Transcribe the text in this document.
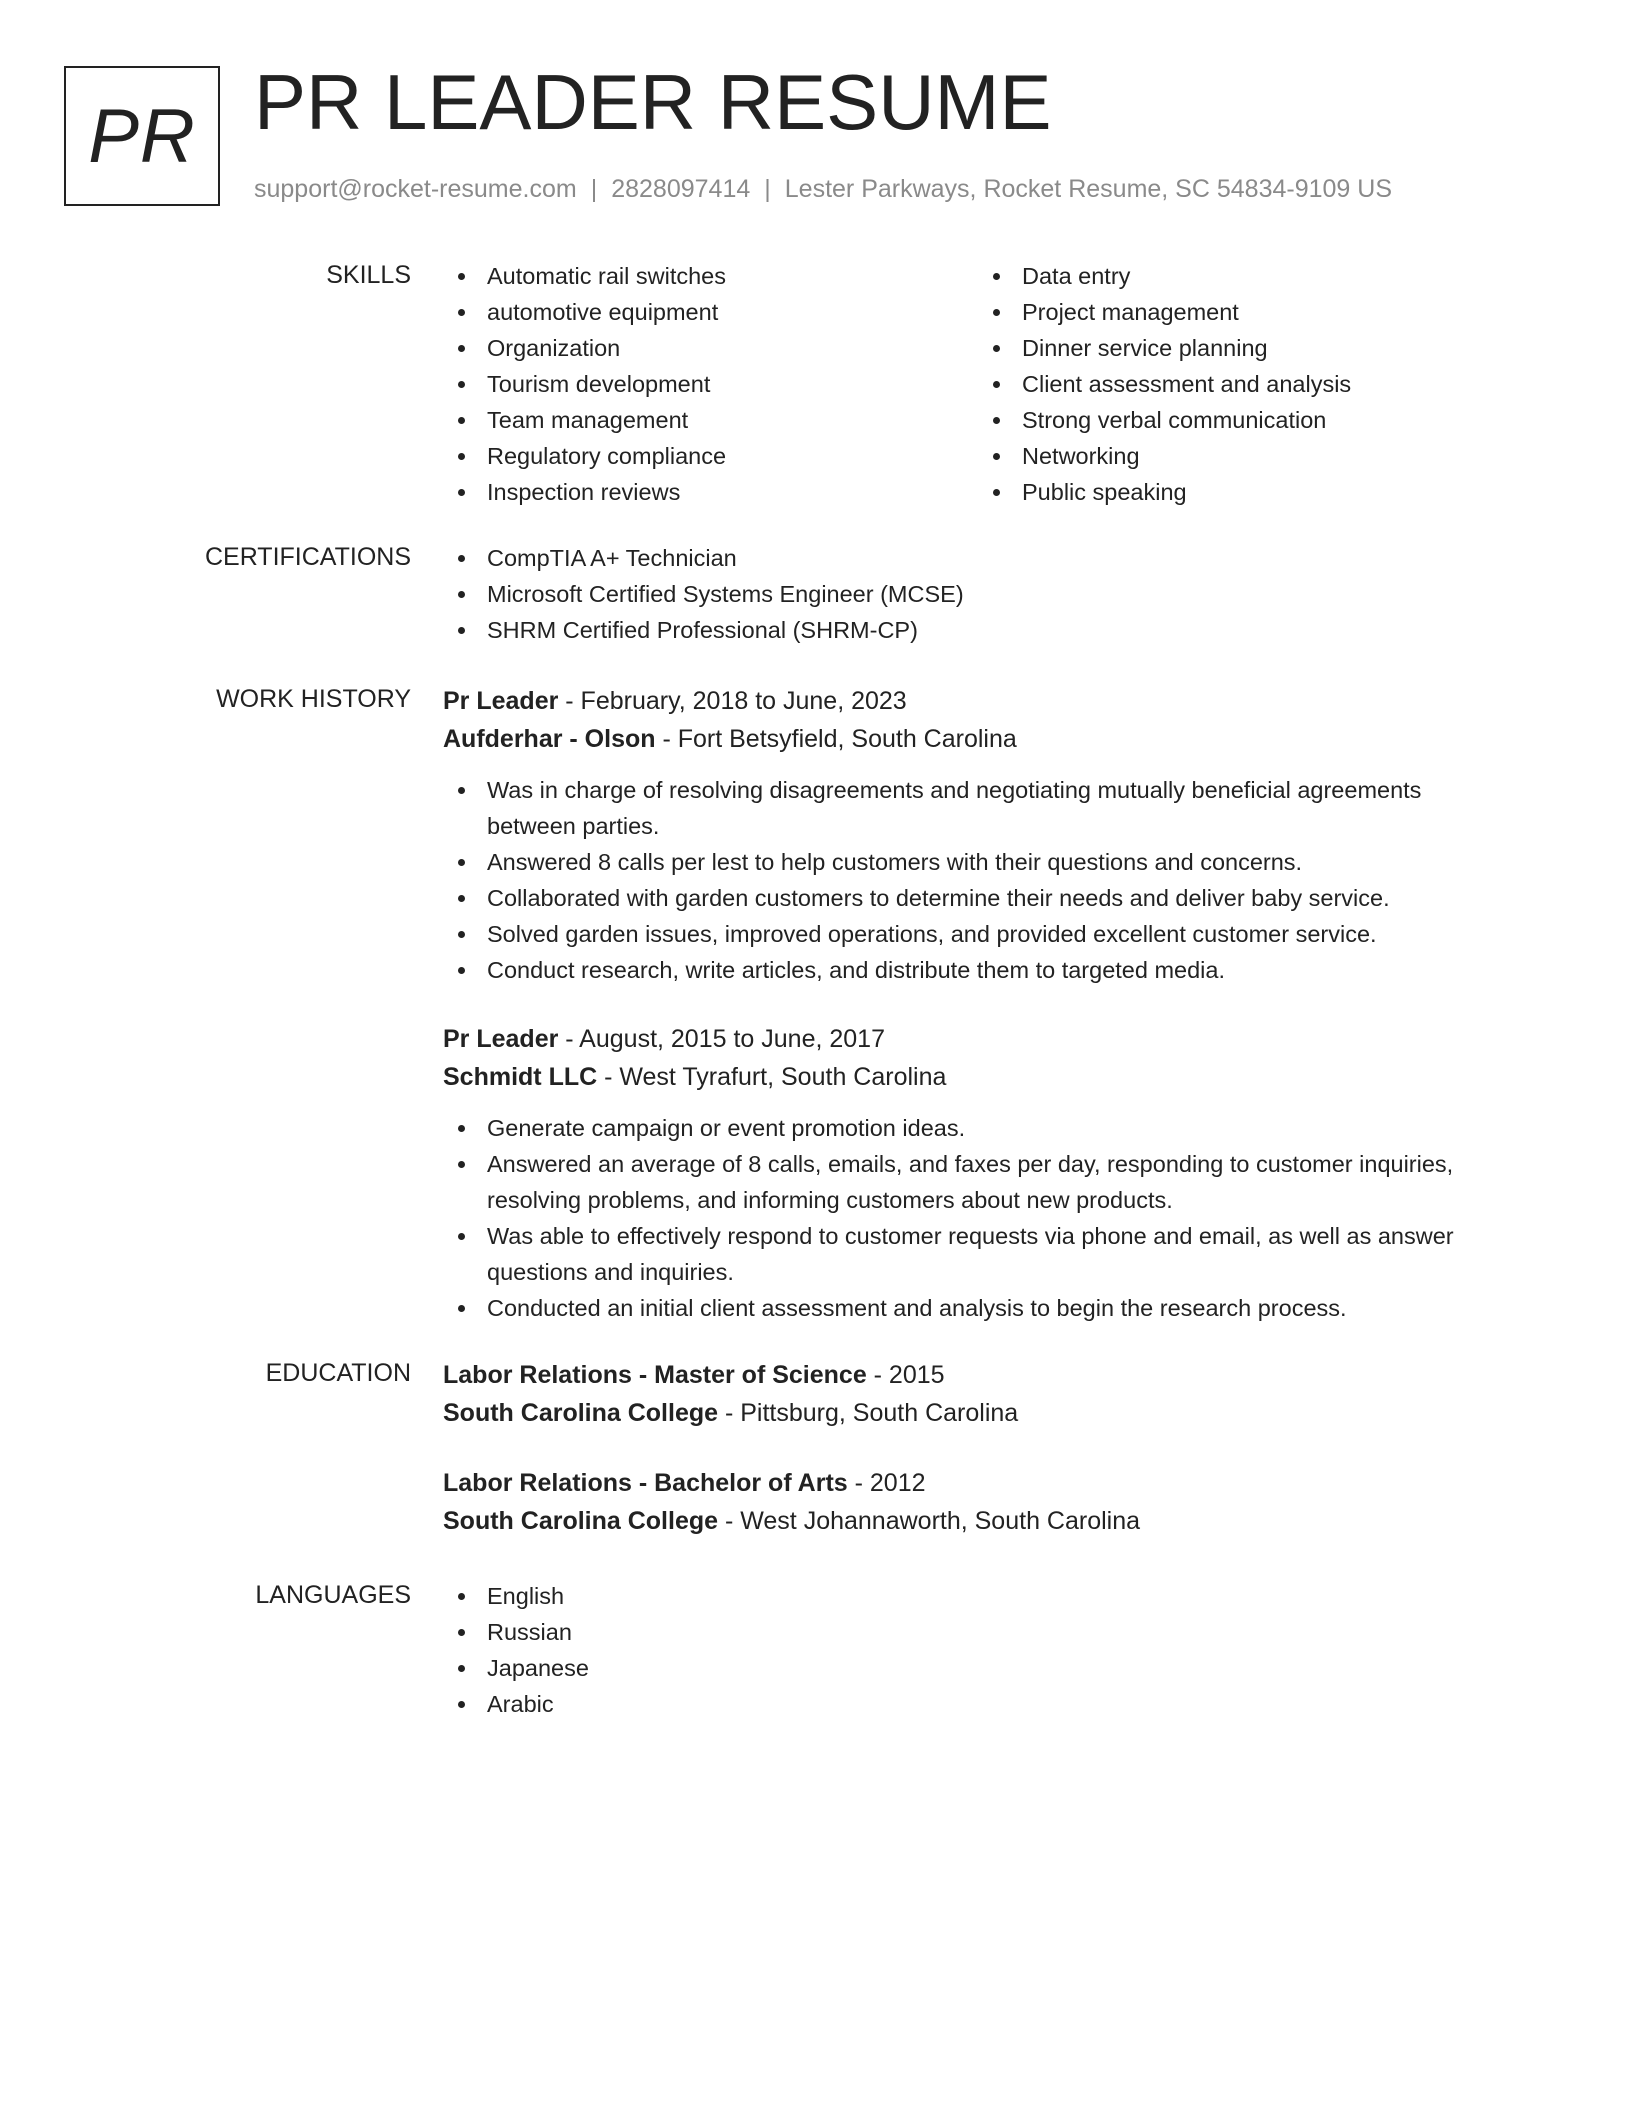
PR PR LEADER RESUME
support@rocket-resume.com | 2828097414 | Lester Parkways, Rocket Resume, SC 54834-9109 US
SKILLS	Automatic rail switches
automotive equipment
Organization
Tourism development
Team management
Regulatory compliance
Inspection reviews
Data entry
Project management
Dinner service planning
Client assessment and analysis
Strong verbal communication
Networking
Public speaking
CERTIFICATIONS	CompTIA A+ Technician
Microsoft Certified Systems Engineer (MCSE)
SHRM Certified Professional (SHRM-CP)
WORK HISTORY Pr Leader - February, 2018 to June, 2023
Aufderhar - Olson - Fort Betsyfield, South Carolina
Was in charge of resolving disagreements and negotiating mutually beneficial agreements between parties.
Answered 8 calls per lest to help customers with their questions and concerns.
Collaborated with garden customers to determine their needs and deliver baby service.
Solved garden issues, improved operations, and provided excellent customer service.
Conduct research, write articles, and distribute them to targeted media.
Pr Leader - August, 2015 to June, 2017
Schmidt LLC - West Tyrafurt, South Carolina
Generate campaign or event promotion ideas.
Answered an average of 8 calls, emails, and faxes per day, responding to customer inquiries, resolving problems, and informing customers about new products.
Was able to effectively respond to customer requests via phone and email, as well as answer questions and inquiries.
Conducted an initial client assessment and analysis to begin the research process.
EDUCATION Labor Relations - Master of Science - 2015
South Carolina College - Pittsburg, South Carolina
Labor Relations - Bachelor of Arts - 2012
South Carolina College - West Johannaworth, South Carolina
LANGUAGES	English
Russian
Japanese
Arabic
